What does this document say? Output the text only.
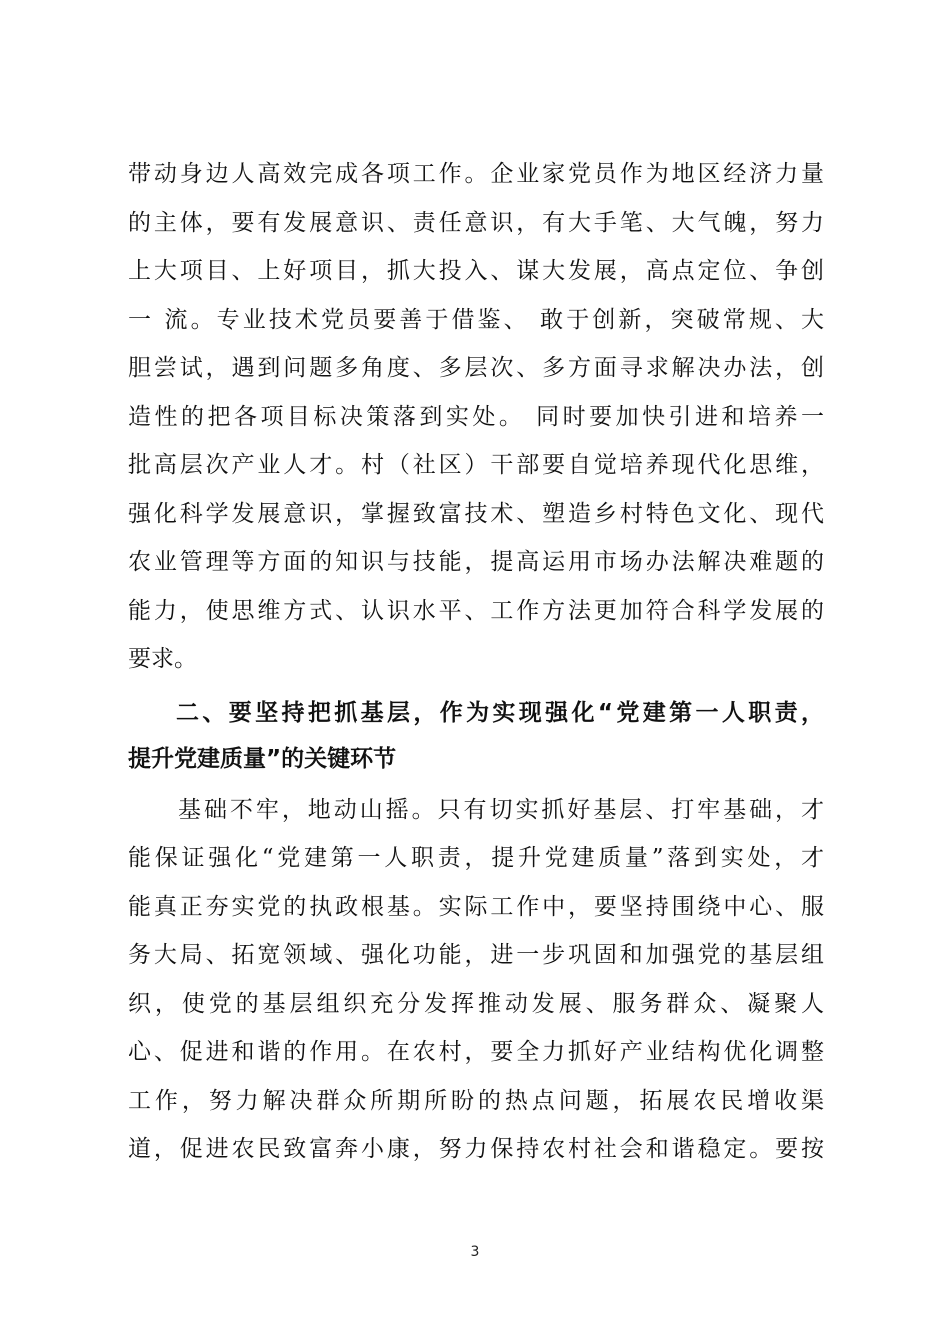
带动身边人高效完成各项工作。企业家党员作为地区经济力量
的主体，要有发展意识、责任意识，有大手笔、大气魄，努力
上大项目、上好项目，抓大投入、谋大发展，高点定位、争创
一 流。专业技术党员要善于借鉴、 敢于创新，突破常规、大
胆尝试，遇到问题多角度、多层次、多方面寻求解决办法，创
造性的把各项目标决策落到实处。 同时要加快引进和培养一
批高层次产业人才。村（社区）干部要自觉培养现代化思维，
强化科学发展意识，掌握致富技术、塑造乡村特色文化、现代
农业管理等方面的知识与技能，提高运用市场办法解决难题的
能力，使思维方式、认识水平、工作方法更加符合科学发展的
要求。
二、要坚持把抓基层，作为实现强化“党建第一人职责，
提升党建质量”的关键环节
基础不牢，地动山摇。只有切实抓好基层、打牢基础，才
能保证强化“党建第一人职责，提升党建质量”落到实处，才
能真正夯实党的执政根基。实际工作中，要坚持围绕中心、服
务大局、拓宽领域、强化功能，进一步巩固和加强党的基层组
织，使党的基层组织充分发挥推动发展、服务群众、凝聚人
心、促进和谐的作用。在农村，要全力抓好产业结构优化调整
工作，努力解决群众所期所盼的热点问题，拓展农民增收渠
道，促进农民致富奔小康，努力保持农村社会和谐稳定。要按
3
